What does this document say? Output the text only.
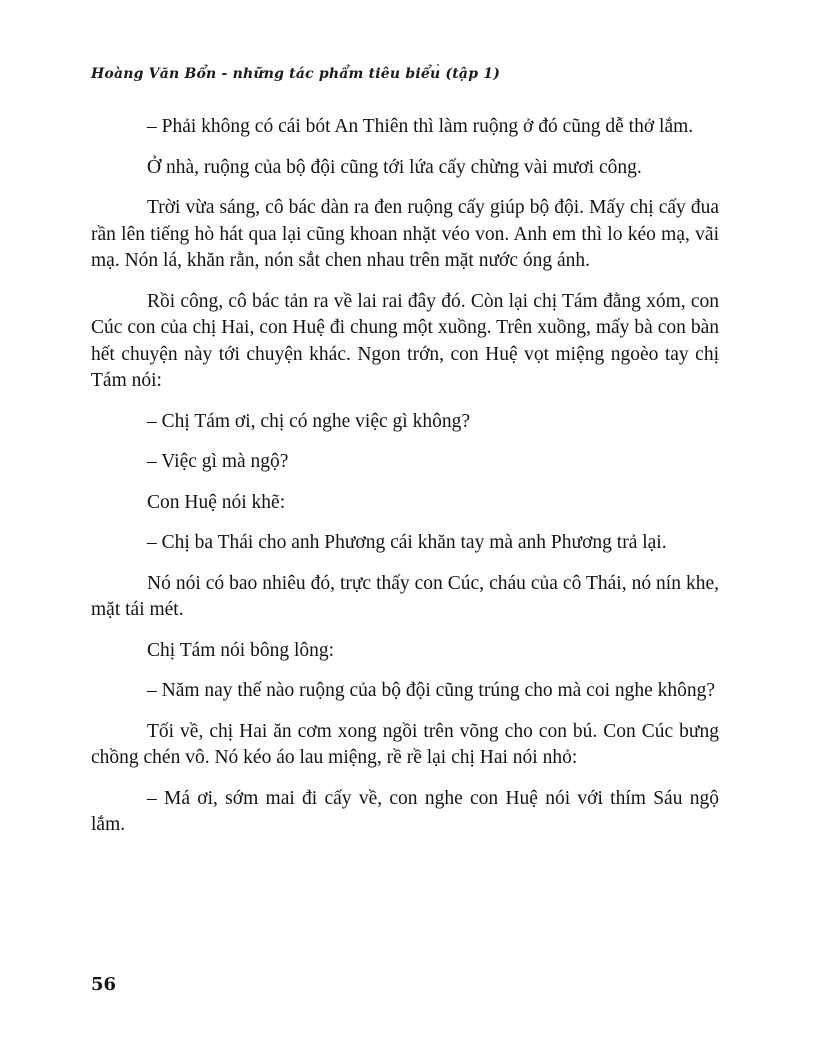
Hoàng Văn Bổn - những tác phẩm tiêu biểu (tập 1)

– Phải không có cái bót An Thiên thì làm ruộng ở đó cũng dễ thở lắm.

Ở nhà, ruộng của bộ đội cũng tới lứa cấy chừng vài mươi công.

Trời vừa sáng, cô bác dàn ra đen ruộng cấy giúp bộ đội. Mấy chị cấy đua rần lên tiếng hò hát qua lại cũng khoan nhặt véo von. Anh em thì lo kéo mạ, vãi mạ. Nón lá, khăn rằn, nón sắt chen nhau trên mặt nước óng ánh.

Rồi công, cô bác tản ra về lai rai đây đó. Còn lại chị Tám đằng xóm, con Cúc con của chị Hai, con Huệ đi chung một xuồng. Trên xuồng, mấy bà con bàn hết chuyện này tới chuyện khác. Ngon trớn, con Huệ vọt miệng ngoèo tay chị Tám nói:

– Chị Tám ơi, chị có nghe việc gì không?

– Việc gì mà ngộ?

Con Huệ nói khẽ:

– Chị ba Thái cho anh Phương cái khăn tay mà anh Phương trả lại.

Nó nói có bao nhiêu đó, trực thấy con Cúc, cháu của cô Thái, nó nín khe, mặt tái mét.

Chị Tám nói bông lông:

– Năm nay thế nào ruộng của bộ đội cũng trúng cho mà coi nghe không?

Tối về, chị Hai ăn cơm xong ngồi trên võng cho con bú. Con Cúc bưng chồng chén vô. Nó kéo áo lau miệng, rề rề lại chị Hai nói nhỏ:

– Má ơi, sớm mai đi cấy về, con nghe con Huệ nói với thím Sáu ngộ lắm.

56
